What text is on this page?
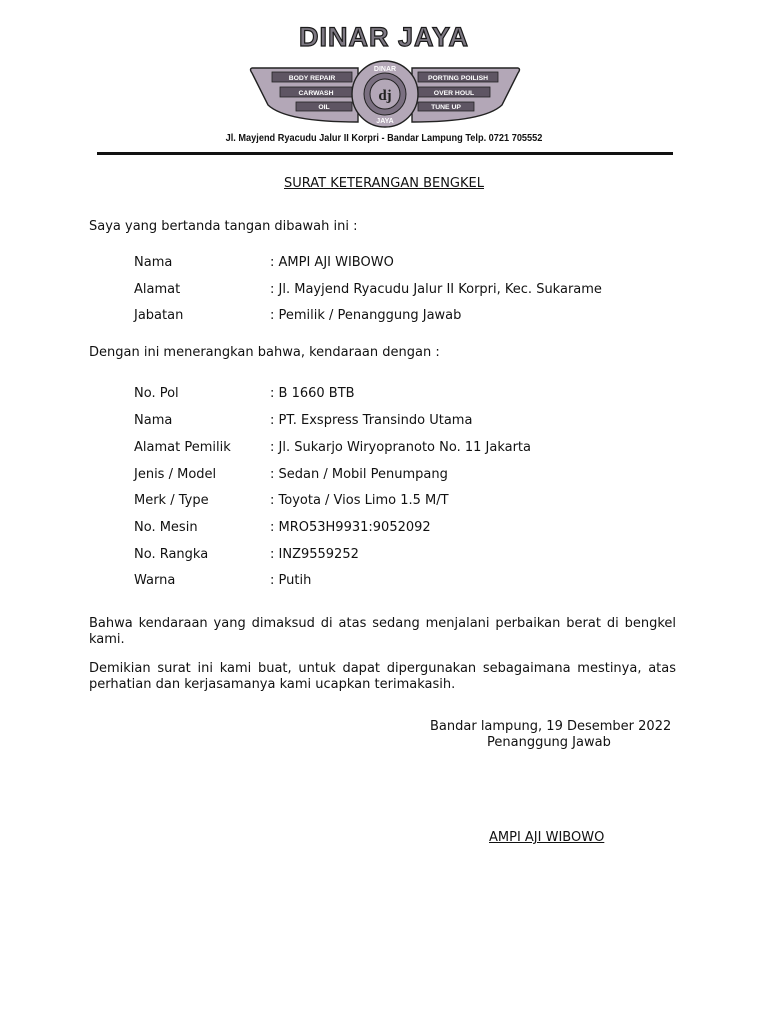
DINAR JAYA
BODY REPAIR
CARWASH
OIL
PORTING POILISH
OVER HOUL
TUNE UP
DINAR
JAYA
dj
Jl. Mayjend Ryacudu Jalur II Korpri - Bandar Lampung Telp. 0721 705552
SURAT KETERANGAN BENGKEL
Saya yang bertanda tangan dibawah ini :
Nama	: AMPI AJI WIBOWO
Alamat	: Jl. Mayjend Ryacudu Jalur II Korpri, Kec. Sukarame
Jabatan	: Pemilik / Penanggung Jawab
Dengan ini menerangkan bahwa, kendaraan dengan :
No. Pol	: B 1660 BTB
Nama	: PT. Exspress Transindo Utama
Alamat Pemilik	: Jl. Sukarjo Wiryopranoto No. 11 Jakarta
Jenis / Model	: Sedan / Mobil Penumpang
Merk / Type	: Toyota / Vios Limo 1.5 M/T
No. Mesin	: MRO53H9931:9052092
No. Rangka	: INZ9559252
Warna	: Putih
Bahwa kendaraan yang dimaksud di atas sedang menjalani perbaikan berat di bengkel kami.
Demikian surat ini kami buat, untuk dapat dipergunakan sebagaimana mestinya, atas perhatian dan kerjasamanya kami ucapkan terimakasih.
Bandar lampung, 19 Desember 2022
Penanggung Jawab
AMPI AJI WIBOWO
